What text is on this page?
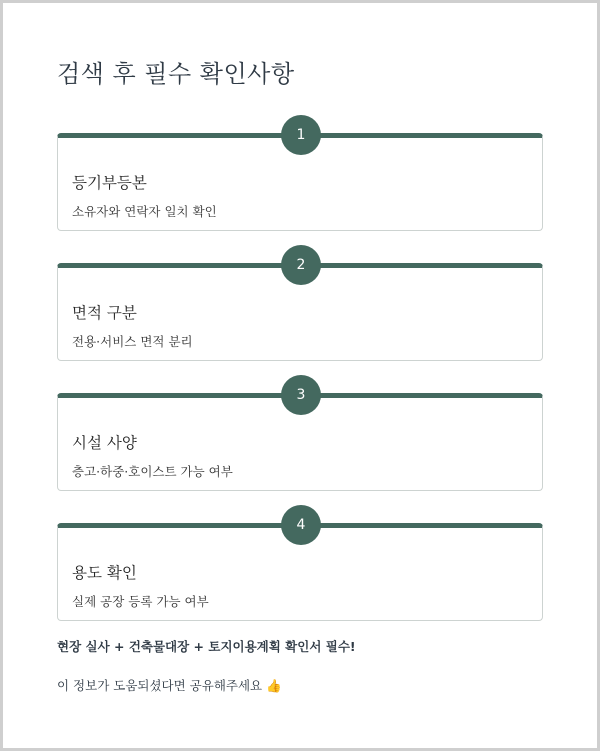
검색 후 필수 확인사항
1
등기부등본
소유자와 연락자 일치 확인
2
면적 구분
전용·서비스 면적 분리
3
시설 사양
층고·하중·호이스트 가능 여부
4
용도 확인
실제 공장 등록 가능 여부
현장 실사 + 건축물대장 + 토지이용계획 확인서 필수!
이 정보가 도움되셨다면 공유해주세요 👍
